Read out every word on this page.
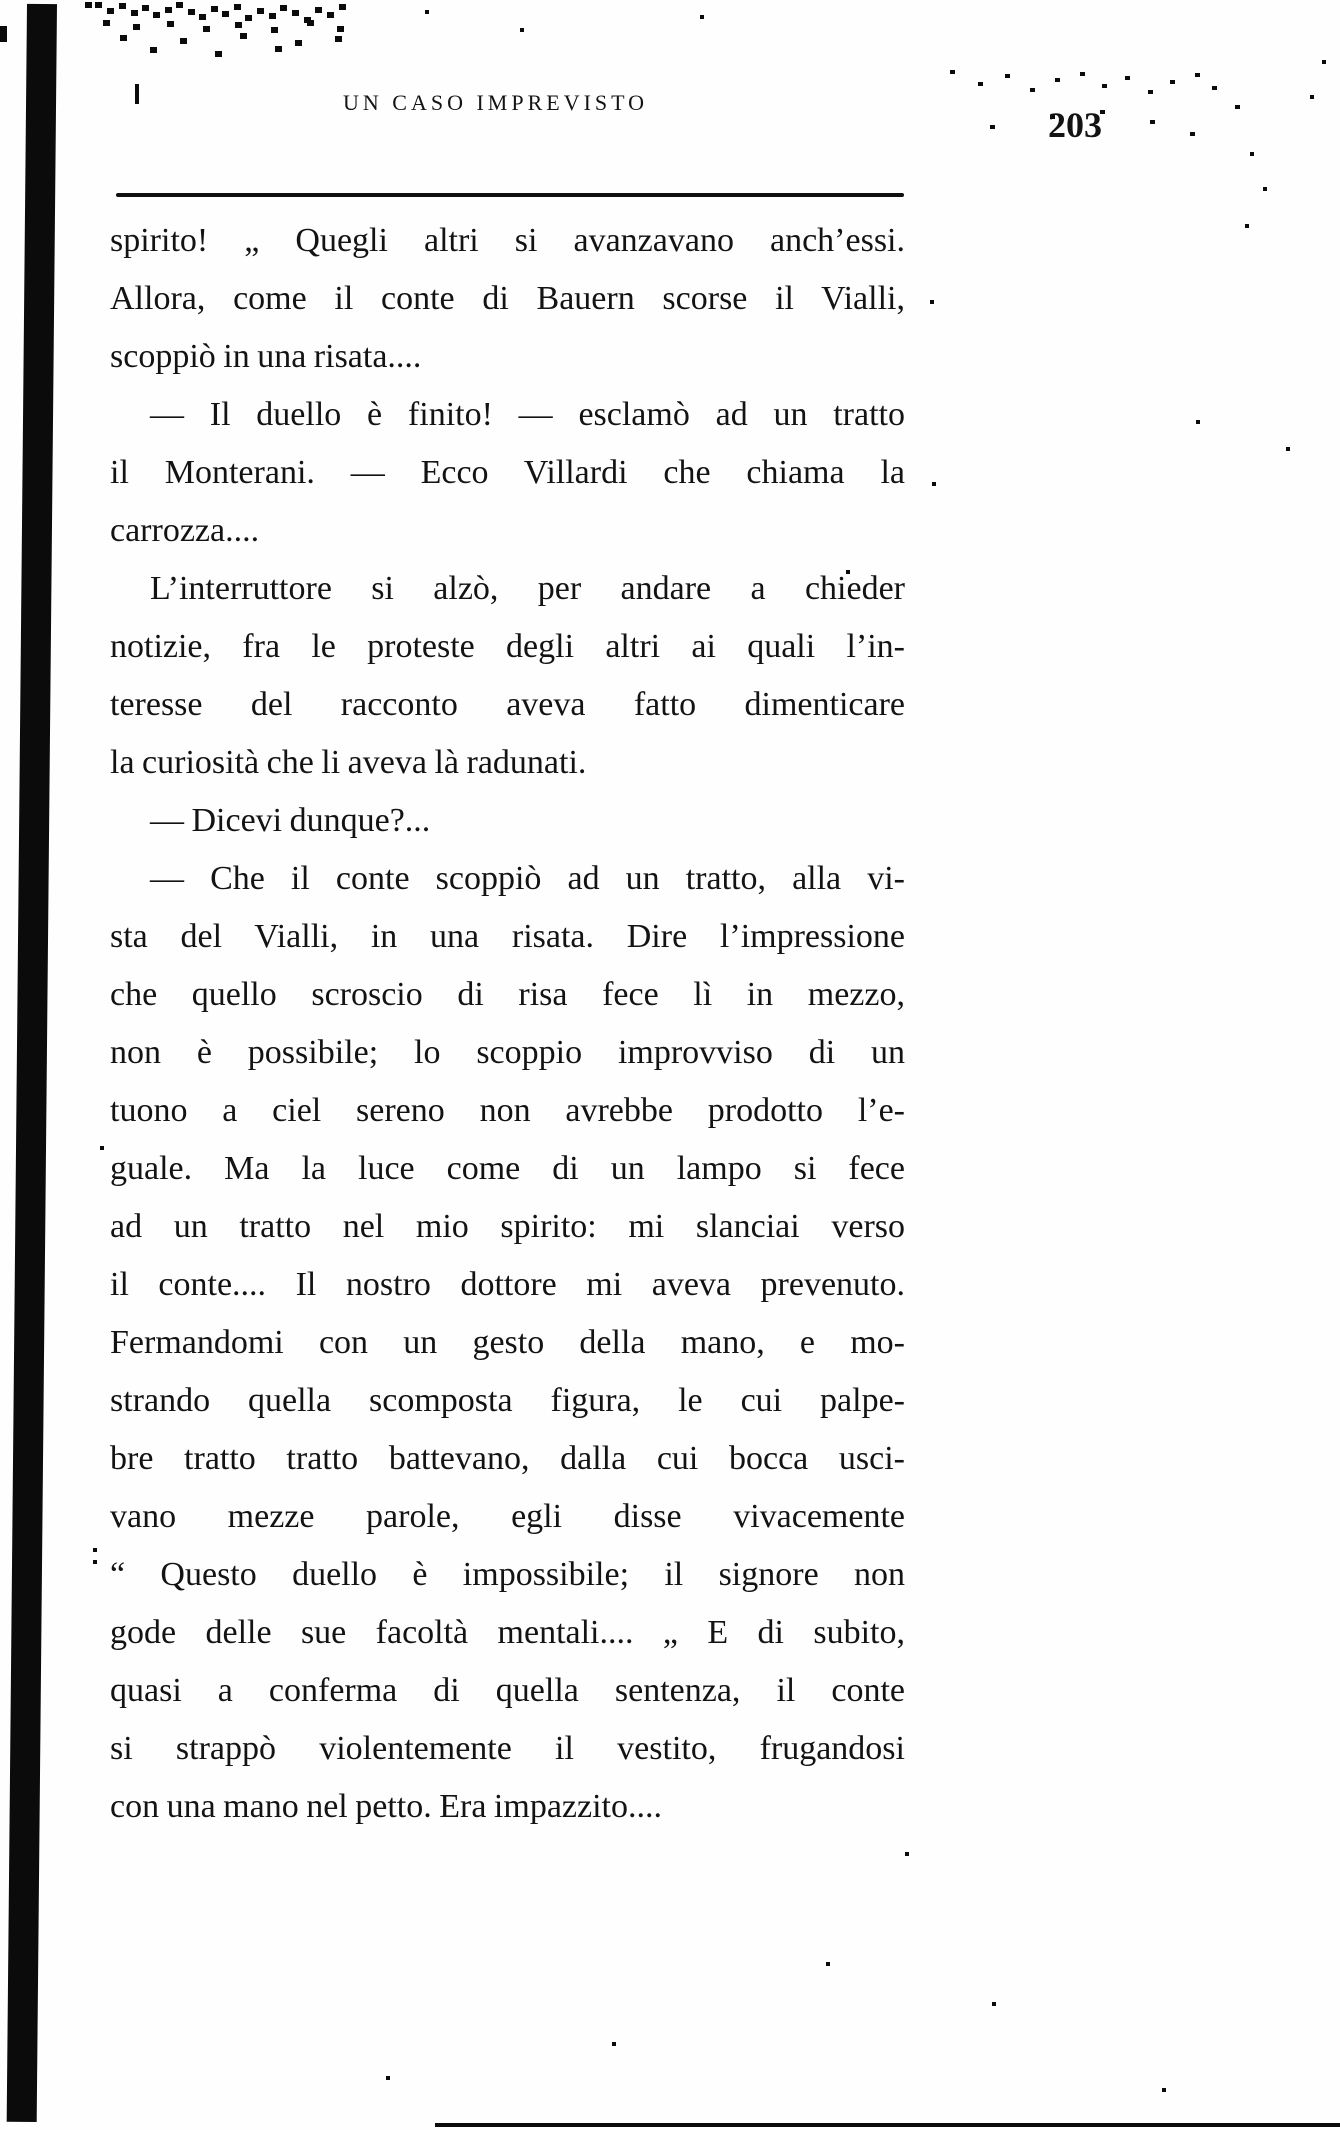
UN CASO IMPREVISTO
203
spirito! „ Quegli altri si avanzavano anch’essi.
Allora, come il conte di Bauern scorse il Vialli,
scoppiò in una risata....
— Il duello è finito! — esclamò ad un tratto
il Monterani. — Ecco Villardi che chiama la
carrozza....
L’interruttore si alzò, per andare a chieder
notizie, fra le proteste degli altri ai quali l’in-
teresse del racconto aveva fatto dimenticare
la curiosità che li aveva là radunati.
— Dicevi dunque?...
— Che il conte scoppiò ad un tratto, alla vi-
sta del Vialli, in una risata. Dire l’impressione
che quello scroscio di risa fece lì in mezzo,
non è possibile; lo scoppio improvviso di un
tuono a ciel sereno non avrebbe prodotto l’e-
guale. Ma la luce come di un lampo si fece
ad un tratto nel mio spirito: mi slanciai verso
il conte.... Il nostro dottore mi aveva prevenuto.
Fermandomi con un gesto della mano, e mo-
strando quella scomposta figura, le cui palpe-
bre tratto tratto battevano, dalla cui bocca usci-
vano mezze parole, egli disse vivacemente
“ Questo duello è impossibile; il signore non
gode delle sue facoltà mentali.... „ E di subito,
quasi a conferma di quella sentenza, il conte
si strappò violentemente il vestito, frugandosi
con una mano nel petto. Era impazzito....
